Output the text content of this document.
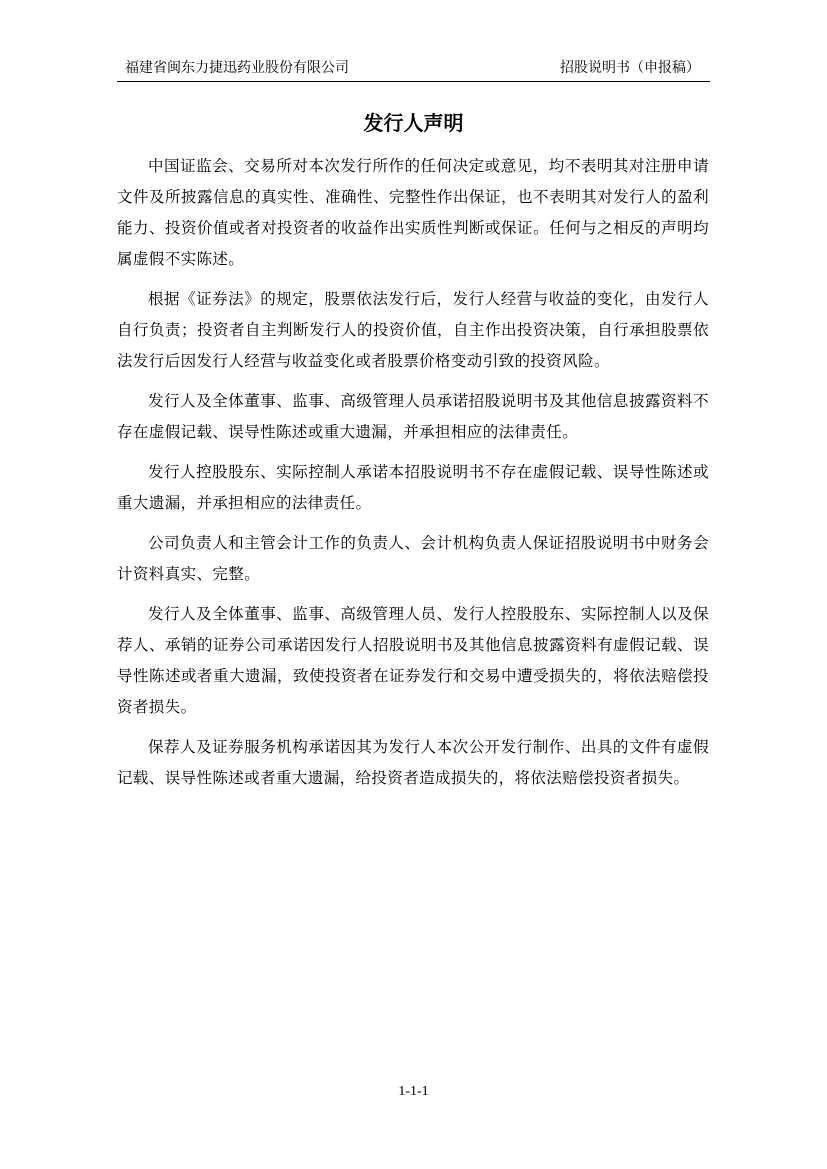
福建省闽东力捷迅药业股份有限公司	招股说明书（申报稿）
发行人声明

中国证监会、交易所对本次发行所作的任何决定或意见，均不表明其对注册申请文件及所披露信息的真实性、准确性、完整性作出保证，也不表明其对发行人的盈利能力、投资价值或者对投资者的收益作出实质性判断或保证。任何与之相反的声明均属虚假不实陈述。

根据《证券法》的规定，股票依法发行后，发行人经营与收益的变化，由发行人自行负责；投资者自主判断发行人的投资价值，自主作出投资决策，自行承担股票依法发行后因发行人经营与收益变化或者股票价格变动引致的投资风险。

发行人及全体董事、监事、高级管理人员承诺招股说明书及其他信息披露资料不存在虚假记载、误导性陈述或重大遗漏，并承担相应的法律责任。

发行人控股股东、实际控制人承诺本招股说明书不存在虚假记载、误导性陈述或重大遗漏，并承担相应的法律责任。

公司负责人和主管会计工作的负责人、会计机构负责人保证招股说明书中财务会计资料真实、完整。

发行人及全体董事、监事、高级管理人员、发行人控股股东、实际控制人以及保荐人、承销的证券公司承诺因发行人招股说明书及其他信息披露资料有虚假记载、误导性陈述或者重大遗漏，致使投资者在证券发行和交易中遭受损失的，将依法赔偿投资者损失。

保荐人及证券服务机构承诺因其为发行人本次公开发行制作、出具的文件有虚假记载、误导性陈述或者重大遗漏，给投资者造成损失的，将依法赔偿投资者损失。

1-1-1
